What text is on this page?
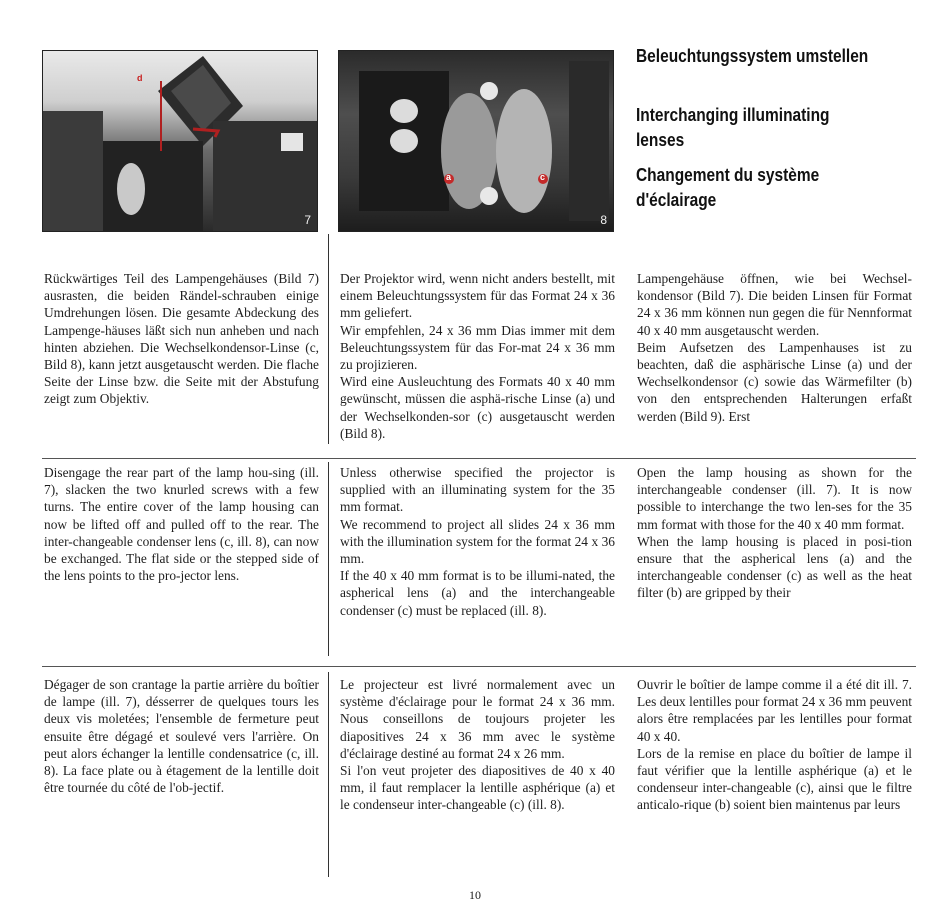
d
7
a	c
8
Beleuchtungssystem umstellen
Interchanging illuminating lenses
Changement du système d'éclairage
Rückwärtiges Teil des Lampengehäuses (Bild 7) ausrasten, die beiden Rändel-schrauben einige Umdrehungen lösen. Die gesamte Abdeckung des Lampenge-häuses läßt sich nun anheben und nach hinten abziehen. Die Wechselkondensor-Linse (c, Bild 8), kann jetzt ausgetauscht werden. Die flache Seite der Linse bzw. die Seite mit der Abstufung zeigt zum Objektiv.
Der Projektor wird, wenn nicht anders bestellt, mit einem Beleuchtungssystem für das Format 24 x 36 mm geliefert.
Wir empfehlen, 24 x 36 mm Dias immer mit dem Beleuchtungssystem für das For-mat 24 x 36 mm zu projizieren.
Wird eine Ausleuchtung des Formats 40 x 40 mm gewünscht, müssen die asphä-rische Linse (a) und der Wechselkonden-sor (c) ausgetauscht werden (Bild 8).
Lampengehäuse öffnen, wie bei Wechsel-kondensor (Bild 7). Die beiden Linsen für Format 24 x 36 mm können nun gegen die für Nennformat 40 x 40 mm ausgetauscht werden.
Beim Aufsetzen des Lampenhauses ist zu beachten, daß die asphärische Linse (a) und der Wechselkondensor (c) sowie das Wärmefilter (b) von den entsprechenden Halterungen erfaßt werden (Bild 9). Erst
Disengage the rear part of the lamp hou-sing (ill. 7), slacken the two knurled screws with a few turns. The entire cover of the lamp housing can now be lifted off and pulled off to the rear. The inter-changeable condenser lens (c, ill. 8), can now be exchanged. The flat side or the stepped side of the lens points to the pro-jector lens.
Unless otherwise specified the projector is supplied with an illuminating system for the 35 mm format.
We recommend to project all slides 24 x 36 mm with the illumination system for the format 24 x 36 mm.
If the 40 x 40 mm format is to be illumi-nated, the aspherical lens (a) and the interchangeable condenser (c) must be replaced (ill. 8).
Open the lamp housing as shown for the interchangeable condenser (ill. 7). It is now possible to interchange the two len-ses for the 35 mm format with those for the 40 x 40 mm format.
When the lamp housing is placed in posi-tion ensure that the aspherical lens (a) and the interchangeable condenser (c) as well as the heat filter (b) are gripped by their
Dégager de son crantage la partie arrière du boîtier de lampe (ill. 7), désserrer de quelques tours les deux vis moletées; l'ensemble de fermeture peut ensuite être dégagé et soulevé vers l'arrière. On peut alors échanger la lentille condensatrice (c, ill. 8). La face plate ou à étagement de la lentille doit être tournée du côté de l'ob-jectif.
Le projecteur est livré normalement avec un système d'éclairage pour le format 24 x 36 mm. Nous conseillons de toujours projeter les diapositives 24 x 36 mm avec le système d'éclairage destiné au format 24 x 26 mm.
Si l'on veut projeter des diapositives de 40 x 40 mm, il faut remplacer la lentille asphérique (a) et le condenseur inter-changeable (c) (ill. 8).
Ouvrir le boîtier de lampe comme il a été dit ill. 7. Les deux lentilles pour format 24 x 36 mm peuvent alors être remplacées par les lentilles pour format 40 x 40.
Lors de la remise en place du boîtier de lampe il faut vérifier que la lentille asphérique (a) et le condenseur inter-changeable (c), ainsi que le filtre anticalo-rique (b) soient bien maintenus par leurs
10
